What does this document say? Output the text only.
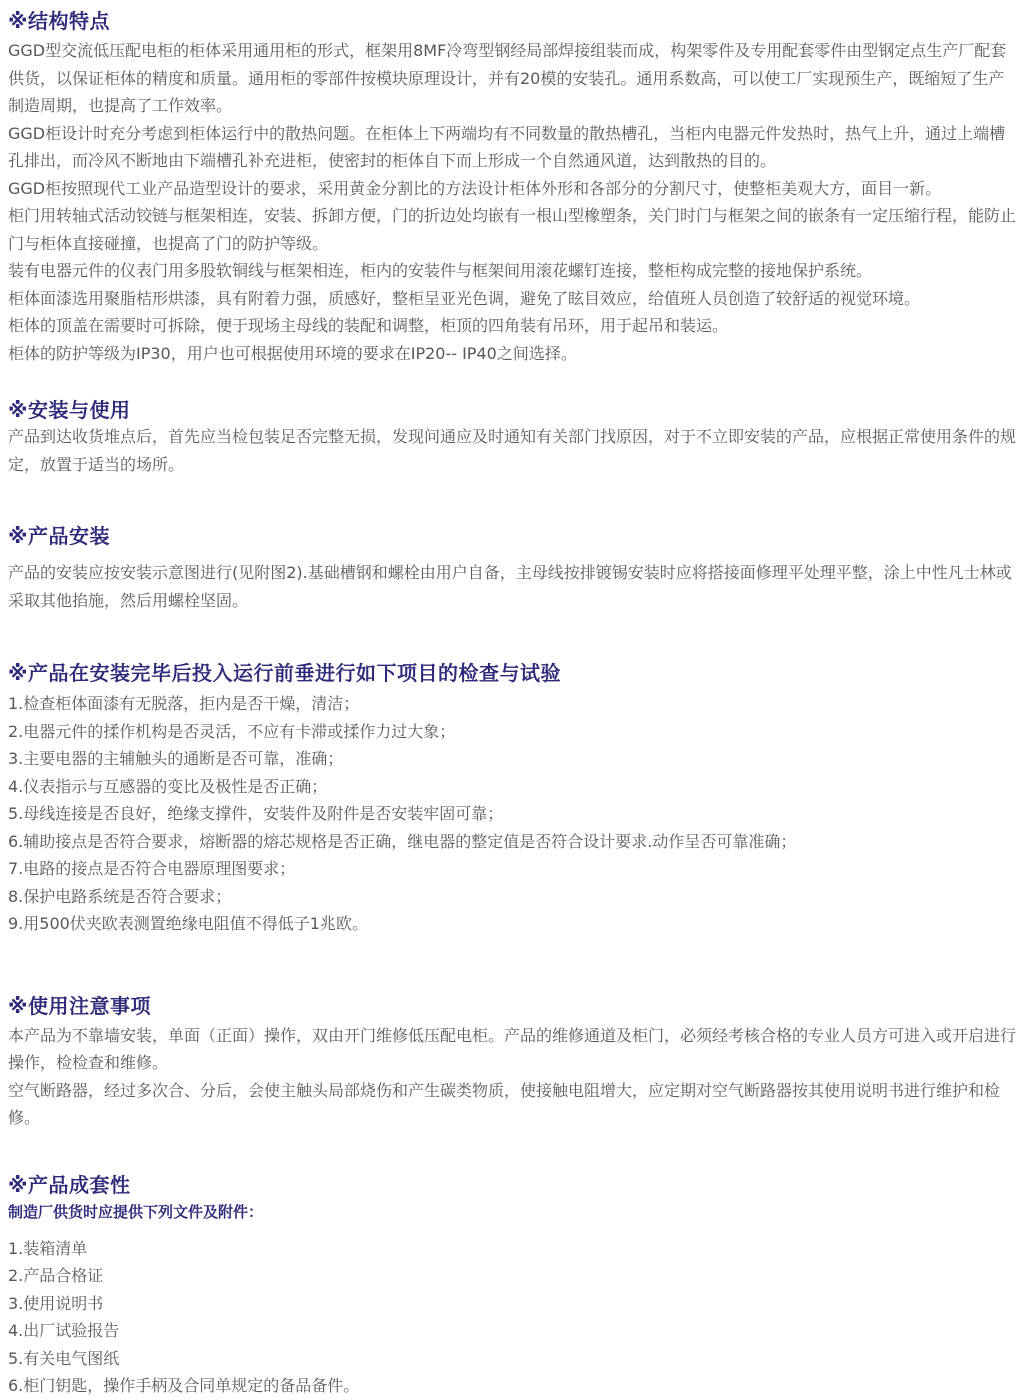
※结构特点

GGD型交流低压配电柜的柜体采用通用柜的形式，框架用8MF冷弯型钢经局部焊接组装而成，构架零件及专用配套零件由型钢定点生产厂配套供货，以保证柜体的精度和质量。通用柜的零部件按模块原理设计，并有20模的安装孔。通用系数高，可以使工厂实现预生产，既缩短了生产制造周期，也提高了工作效率。

GGD柜设计时充分考虑到柜体运行中的散热问题。在柜体上下两端均有不同数量的散热槽孔，当柜内电器元件发热时，热气上升，通过上端槽孔排出，而冷风不断地由下端槽孔补充进柜，使密封的柜体自下而上形成一个自然通风道，达到散热的目的。

GGD柜按照现代工业产品造型设计的要求，采用黄金分割比的方法设计柜体外形和各部分的分割尺寸，使整柜美观大方，面目一新。

柜门用转轴式活动铰链与框架相连，安装、拆卸方便，门的折边处均嵌有一根山型橡塑条，关门时门与框架之间的嵌条有一定压缩行程，能防止门与柜体直接碰撞，也提高了门的防护等级。

装有电器元件的仪表门用多股软铜线与框架相连，柜内的安装件与框架间用滚花螺钉连接，整柜构成完整的接地保护系统。

柜体面漆选用聚脂桔形烘漆，具有附着力强，质感好，整柜呈亚光色调，避免了眩目效应，给值班人员创造了较舒适的视觉环境。

柜体的顶盖在需要时可拆除，便于现场主母线的装配和调整，柜顶的四角装有吊环，用于起吊和装运。

柜体的防护等级为IP30，用户也可根据使用环境的要求在IP20-- IP40之间选择。

※安装与使用

产品到达收货堆点后，首先应当检包装足否完整无损，发现问通应及时通知有关部门找原因，对于不立即安装的产品，应根据正常使用条件的规定，放置于适当的场所。

※产品安装

产品的安装应按安装示意图进行(见附图2).基础槽钢和螺栓由用户自备，主母线按排镀锡安装时应将搭接面修理平处理平整，涂上中性凡士林或采取其他掐施，然后用螺栓坚固。

※产品在安装完毕后投入运行前垂进行如下项目的检查与试验
1.检查柜体面漆有无脱落，拒内是否干燥，清洁；
2.电器元件的揉作机构是否灵活，不应有卡滞或揉作力过大象；
3.主要电器的主辅触头的通断是否可靠，准确；
4.仪表指示与互感器的变比及极性是否正确；
5.母线连接是否良好，绝缘支撑件，安装件及附件是否安装牢固可靠；
6.辅助接点是否符合要求，熔断器的熔芯规格是否正确，继电器的整定值是否符合设计要求.动作呈否可靠准确；
7.电路的接点是否符合电器原理图要求；
8.保护电路系统是否符合要求；
9.用500伏夹欧表测置绝缘电阻值不得低子1兆欧。
※使用注意事项

本产品为不靠墙安装，单面（正面）操作，双由开门维修低压配电柜。产品的维修通道及柜门，必须经考核合格的专业人员方可进入或开启进行操作，检检查和维修。

空气断路器，经过多次合、分后，会使主触头局部烧伤和产生碳类物质，使接触电阻增大，应定期对空气断路器按其使用说明书进行维护和检修。

※产品成套性

制造厂供货时应提供下列文件及附件：

1.装箱清单
2.产品合格证
3.使用说明书
4.出厂试验报告
5.有关电气图纸
6.柜门钥匙，操作手柄及合同单规定的备品备件。
